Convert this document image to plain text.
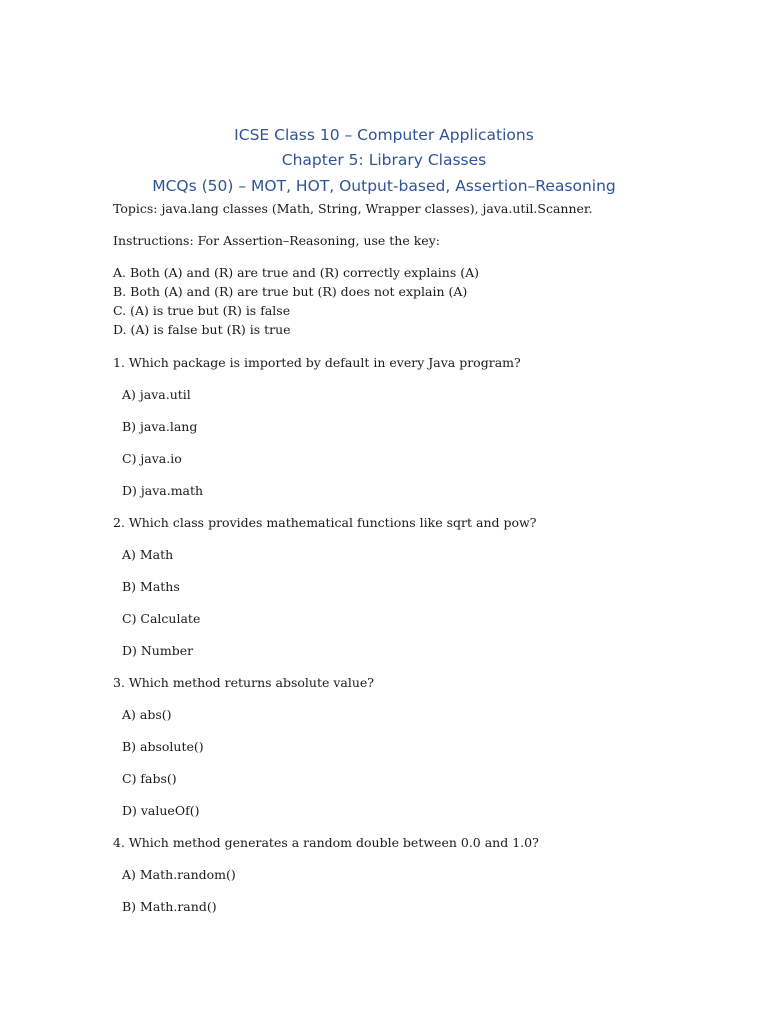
ICSE Class 10 – Computer Applications
Chapter 5: Library Classes
MCQs (50) – MOT, HOT, Output-based, Assertion–Reasoning
Topics: java.lang classes (Math, String, Wrapper classes), java.util.Scanner.
Instructions: For Assertion–Reasoning, use the key:
A. Both (A) and (R) are true and (R) correctly explains (A)
B. Both (A) and (R) are true but (R) does not explain (A)
C. (A) is true but (R) is false
D. (A) is false but (R) is true
1. Which package is imported by default in every Java program?
A) java.util
B) java.lang
C) java.io
D) java.math
2. Which class provides mathematical functions like sqrt and pow?
A) Math
B) Maths
C) Calculate
D) Number
3. Which method returns absolute value?
A) abs()
B) absolute()
C) fabs()
D) valueOf()
4. Which method generates a random double between 0.0 and 1.0?
A) Math.random()
B) Math.rand()
